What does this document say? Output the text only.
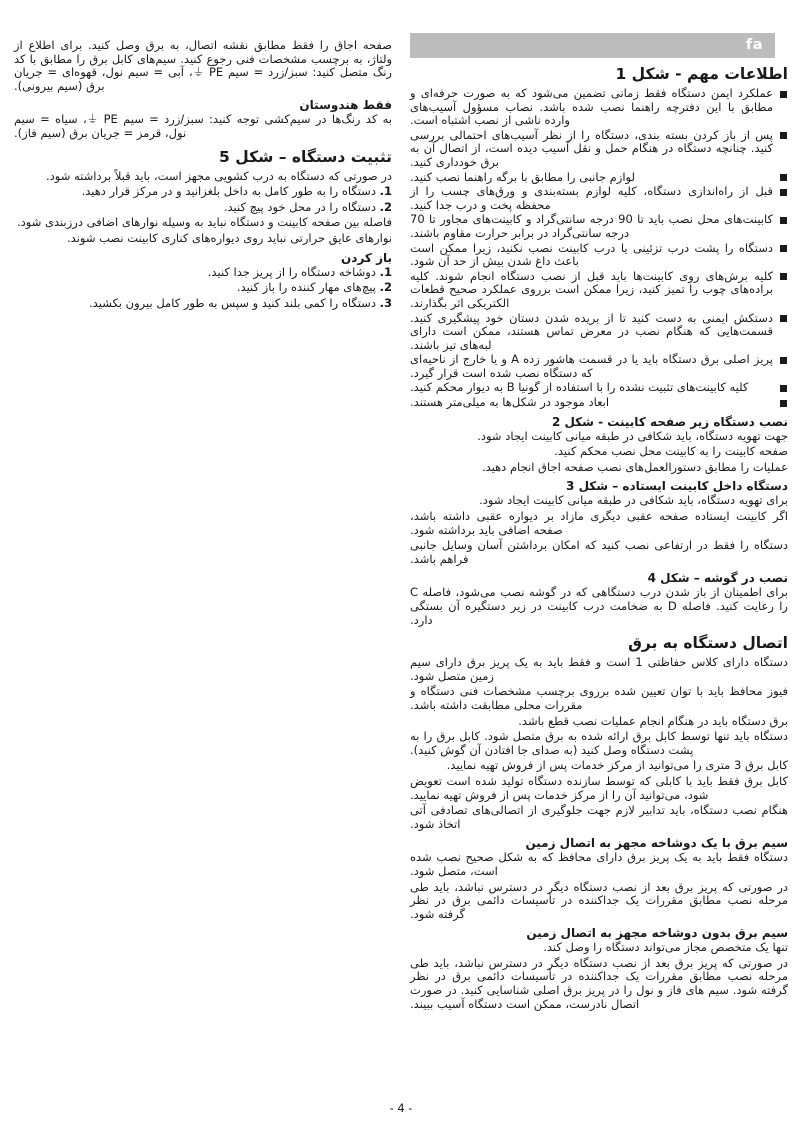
fa
اطلاعات مهم - شکل 1
عملکرد ایمن دستگاه فقط زمانی تضمین می‌شود که به صورت حرفه‌ای و مطابق با این دفترچه راهنما نصب شده باشد. نصاب مسؤول آسیب‌های وارده ناشی از نصب اشتباه است.
پس از باز کردن بسته بندی، دستگاه را از نظر آسیب‌های احتمالی بررسی کنید. چنانچه دستگاه در هنگام حمل و نقل آسیب دیده است، از اتصال آن به برق خودداری کنید.
لوازم جانبی را مطابق با برگه راهنما نصب کنید.
قبل از راه‌اندازی دستگاه، کلیه لوازم بسته‌بندی و ورق‌های چسب را از محفظه پخت و درب جدا کنید.
کابینت‌های محل نصب باید تا 90 درجه سانتی‌گراد و کابینت‌های مجاور تا 70 درجه سانتی‌گراد در برابر حرارت مقاوم باشند.
دستگاه را پشت درب تزئینی یا درب کابینت نصب نکنید، زیرا ممکن است باعث داغ شدن بیش از حد آن شود.
کلیه برش‌های روی کابینت‌ها باید قبل از نصب دستگاه انجام شوند. کلیه براده‌های چوب را تمیز کنید، زیرا ممکن است برروی عملکرد صحیح قطعات الکتریکی اثر بگذارند.
دستکش ایمنی به دست کنید تا از بریده شدن دستان خود پیشگیری کنید. قسمت‌هایی که هنگام نصب در معرض تماس هستند، ممکن است دارای لبه‌های تیز باشند.
پریز اصلی برق دستگاه باید یا در قسمت هاشور زده A و یا خارج از ناحیه‌ای که دستگاه نصب شده است قرار گیرد.
کلیه کابینت‌های تثبیت نشده را با استفاده از گونیا B به دیوار محکم کنید.
ابعاد موجود در شکل‌ها به میلی‌متر هستند.
نصب دستگاه زیر صفحه کابینت - شکل 2
جهت تهویه دستگاه، باید شکافی در طبقه میانی کابینت ایجاد شود.
صفحه کابینت را به کابینت محل نصب محکم کنید.
عملیات را مطابق دستورالعمل‌های نصب صفحه اجاق انجام دهید.
دستگاه داخل کابینت ایستاده – شکل 3
برای تهویه دستگاه، باید شکافی در طبقه میانی کابینت ایجاد شود.
اگر کابینت ایستاده صفحه عقبی دیگری مازاد بر دیواره عقبی داشته باشد، صفحه اضافی باید برداشته شود.
دستگاه را فقط در ارتفاعی نصب کنید که امکان برداشتن آسان وسایل جانبی فراهم باشد.
نصب در گوشه – شکل 4
برای اطمینان از باز شدن درب دستگاهی که در گوشه نصب می‌شود، فاصله C را رعایت کنید. فاصله D به ضخامت درب کابینت در زیر دستگیره آن بستگی دارد.
اتصال دستگاه به برق
دستگاه دارای کلاس حفاظتی 1 است و فقط باید به یک پریز برق دارای سیم زمین متصل شود.
فیوز محافظ باید با توان تعیین شده برروی برچسب مشخصات فنی دستگاه و مقررات محلی مطابقت داشته باشد.
برق دستگاه باید در هنگام انجام عملیات نصب قطع باشد.
دستگاه باید تنها توسط کابل برق ارائه شده به برق متصل شود. کابل برق را به پشت دستگاه وصل کنید (به صدای جا افتادن آن گوش کنید).
کابل برق 3 متری را می‌توانید از مرکز خدمات پس از فروش تهیه نمایید.
کابل برق فقط باید با کابلی که توسط سازنده دستگاه تولید شده است تعویض شود، می‌توانید آن را از مرکز خدمات پس از فروش تهیه نمایید.
هنگام نصب دستگاه، باید تدابیر لازم جهت جلوگیری از اتصالی‌های تصادفی آتی اتخاذ شود.
سیم برق با یک دوشاخه مجهز به اتصال زمین
دستگاه فقط باید به یک پریز برق دارای محافظ که به شکل صحیح نصب شده است، متصل شود.
در صورتی که پریز برق بعد از نصب دستگاه دیگر در دسترس نباشد، باید طی مرحله نصب مطابق مقررات یک جداکننده در تأسیسات دائمی برق در نظر گرفته شود.
سیم برق بدون دوشاخه مجهز به اتصال زمین
تنها یک متخصص مجاز می‌تواند دستگاه را وصل کند.
در صورتی که پریز برق بعد از نصب دستگاه دیگر در دسترس نباشد، باید طی مرحله نصب مطابق مقررات یک جداکننده در تأسیسات دائمی برق در نظر گرفته شود. سیم های فاز و نول را در پریز برق اصلی شناسایی کنید. در صورت اتصال نادرست، ممکن است دستگاه آسیب ببیند.
صفحه اجاق را فقط مطابق نقشه اتصال، به برق وصل کنید. برای اطلاع از ولتاژ، به برچسب مشخصات فنی رجوع کنید. سیم‌های کابل برق را مطابق با کد رنگ متصل کنید: سبز/زرد = سیم PE ⏚، آبی = سیم نول، قهوه‌ای = جریان برق (سیم بیرونی).
فقط هندوستان
به کد رنگ‌ها در سیم‌کشی توجه کنید: سبز/زرد = سیم PE ⏚، سیاه = سیم نول، قرمز = جریان برق (سیم فاز).
تثبیت دستگاه – شکل 5
در صورتی که دستگاه به درب کشویی مجهز است، باید قبلاً برداشته شود.
1. دستگاه را به طور کامل به داخل بلغزانید و در مرکز قرار دهید.
2. دستگاه را در محل خود پیچ کنید.
فاصله بین صفحه کابینت و دستگاه نباید به وسیله نوارهای اضافی درزبندی شود.
نوارهای عایق حرارتی نباید روی دیواره‌های کناری کابینت نصب شوند.
باز کردن
1. دوشاخه دستگاه را از پریز جدا کنید.
2. پیچ‌های مهار کننده را باز کنید.
3. دستگاه را کمی بلند کنید و سپس به طور کامل بیرون بکشید.
- 4 -
